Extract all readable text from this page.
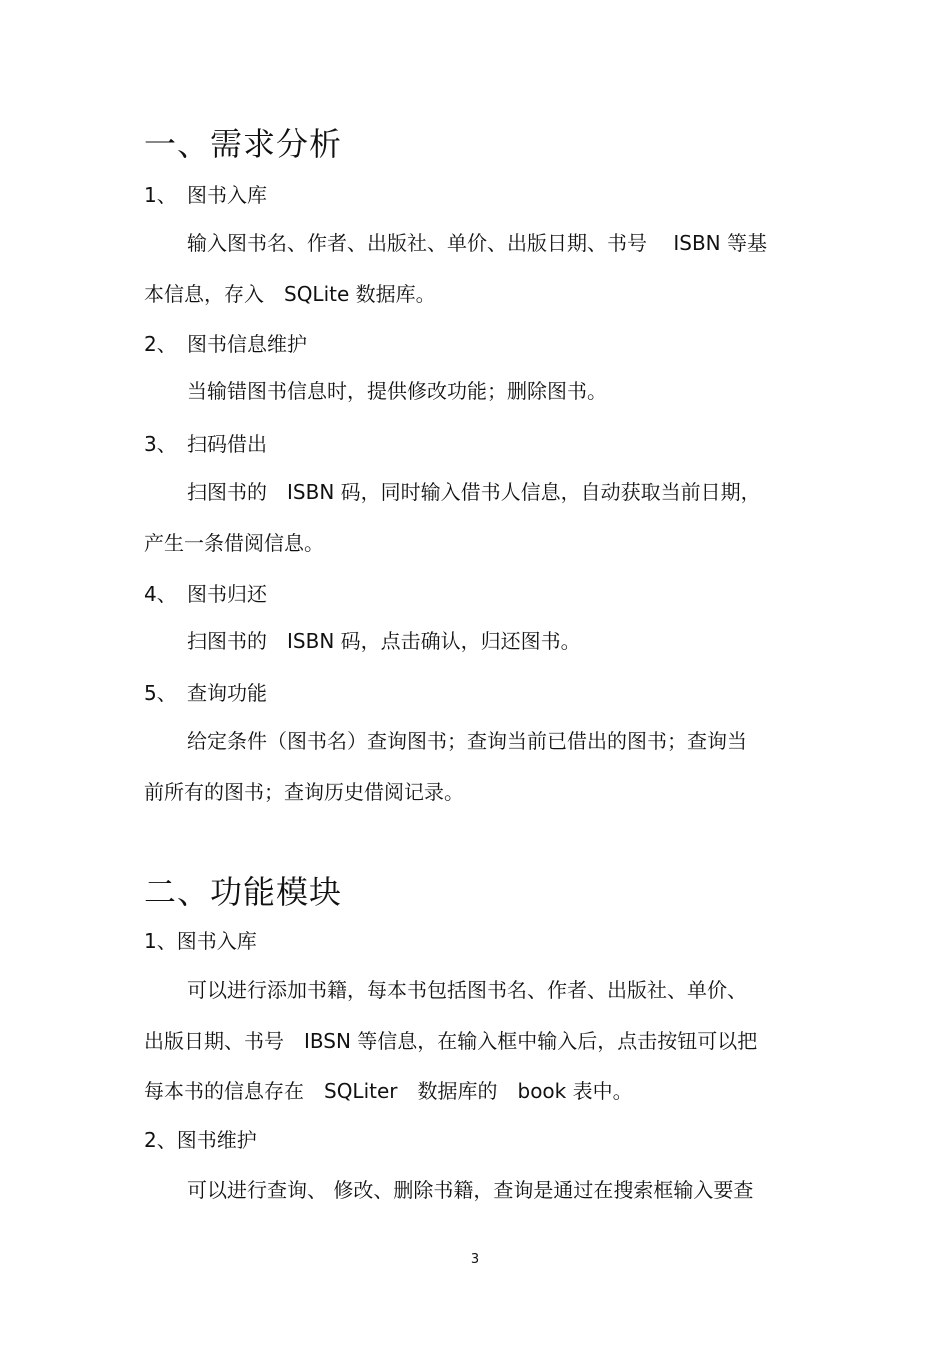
一、需求分析
1、 图书入库
输入图书名、作者、出版社、单价、出版日期、书号　 ISBN 等基
本信息，存入　SQLite 数据库。
2、 图书信息维护
当输错图书信息时，提供修改功能；删除图书。
3、 扫码借出
扫图书的　ISBN 码，同时输入借书人信息，自动获取当前日期，
产生一条借阅信息。
4、 图书归还
扫图书的　ISBN 码，点击确认，归还图书。
5、 查询功能
给定条件（图书名）查询图书；查询当前已借出的图书；查询当
前所有的图书；查询历史借阅记录。
二、功能模块
1、图书入库
可以进行添加书籍，每本书包括图书名、作者、出版社、单价、
出版日期、书号　IBSN 等信息，在输入框中输入后，点击按钮可以把
每本书的信息存在　SQLiter　数据库的　book 表中。
2、图书维护
可以进行查询、 修改、删除书籍，查询是通过在搜索框输入要查
3
